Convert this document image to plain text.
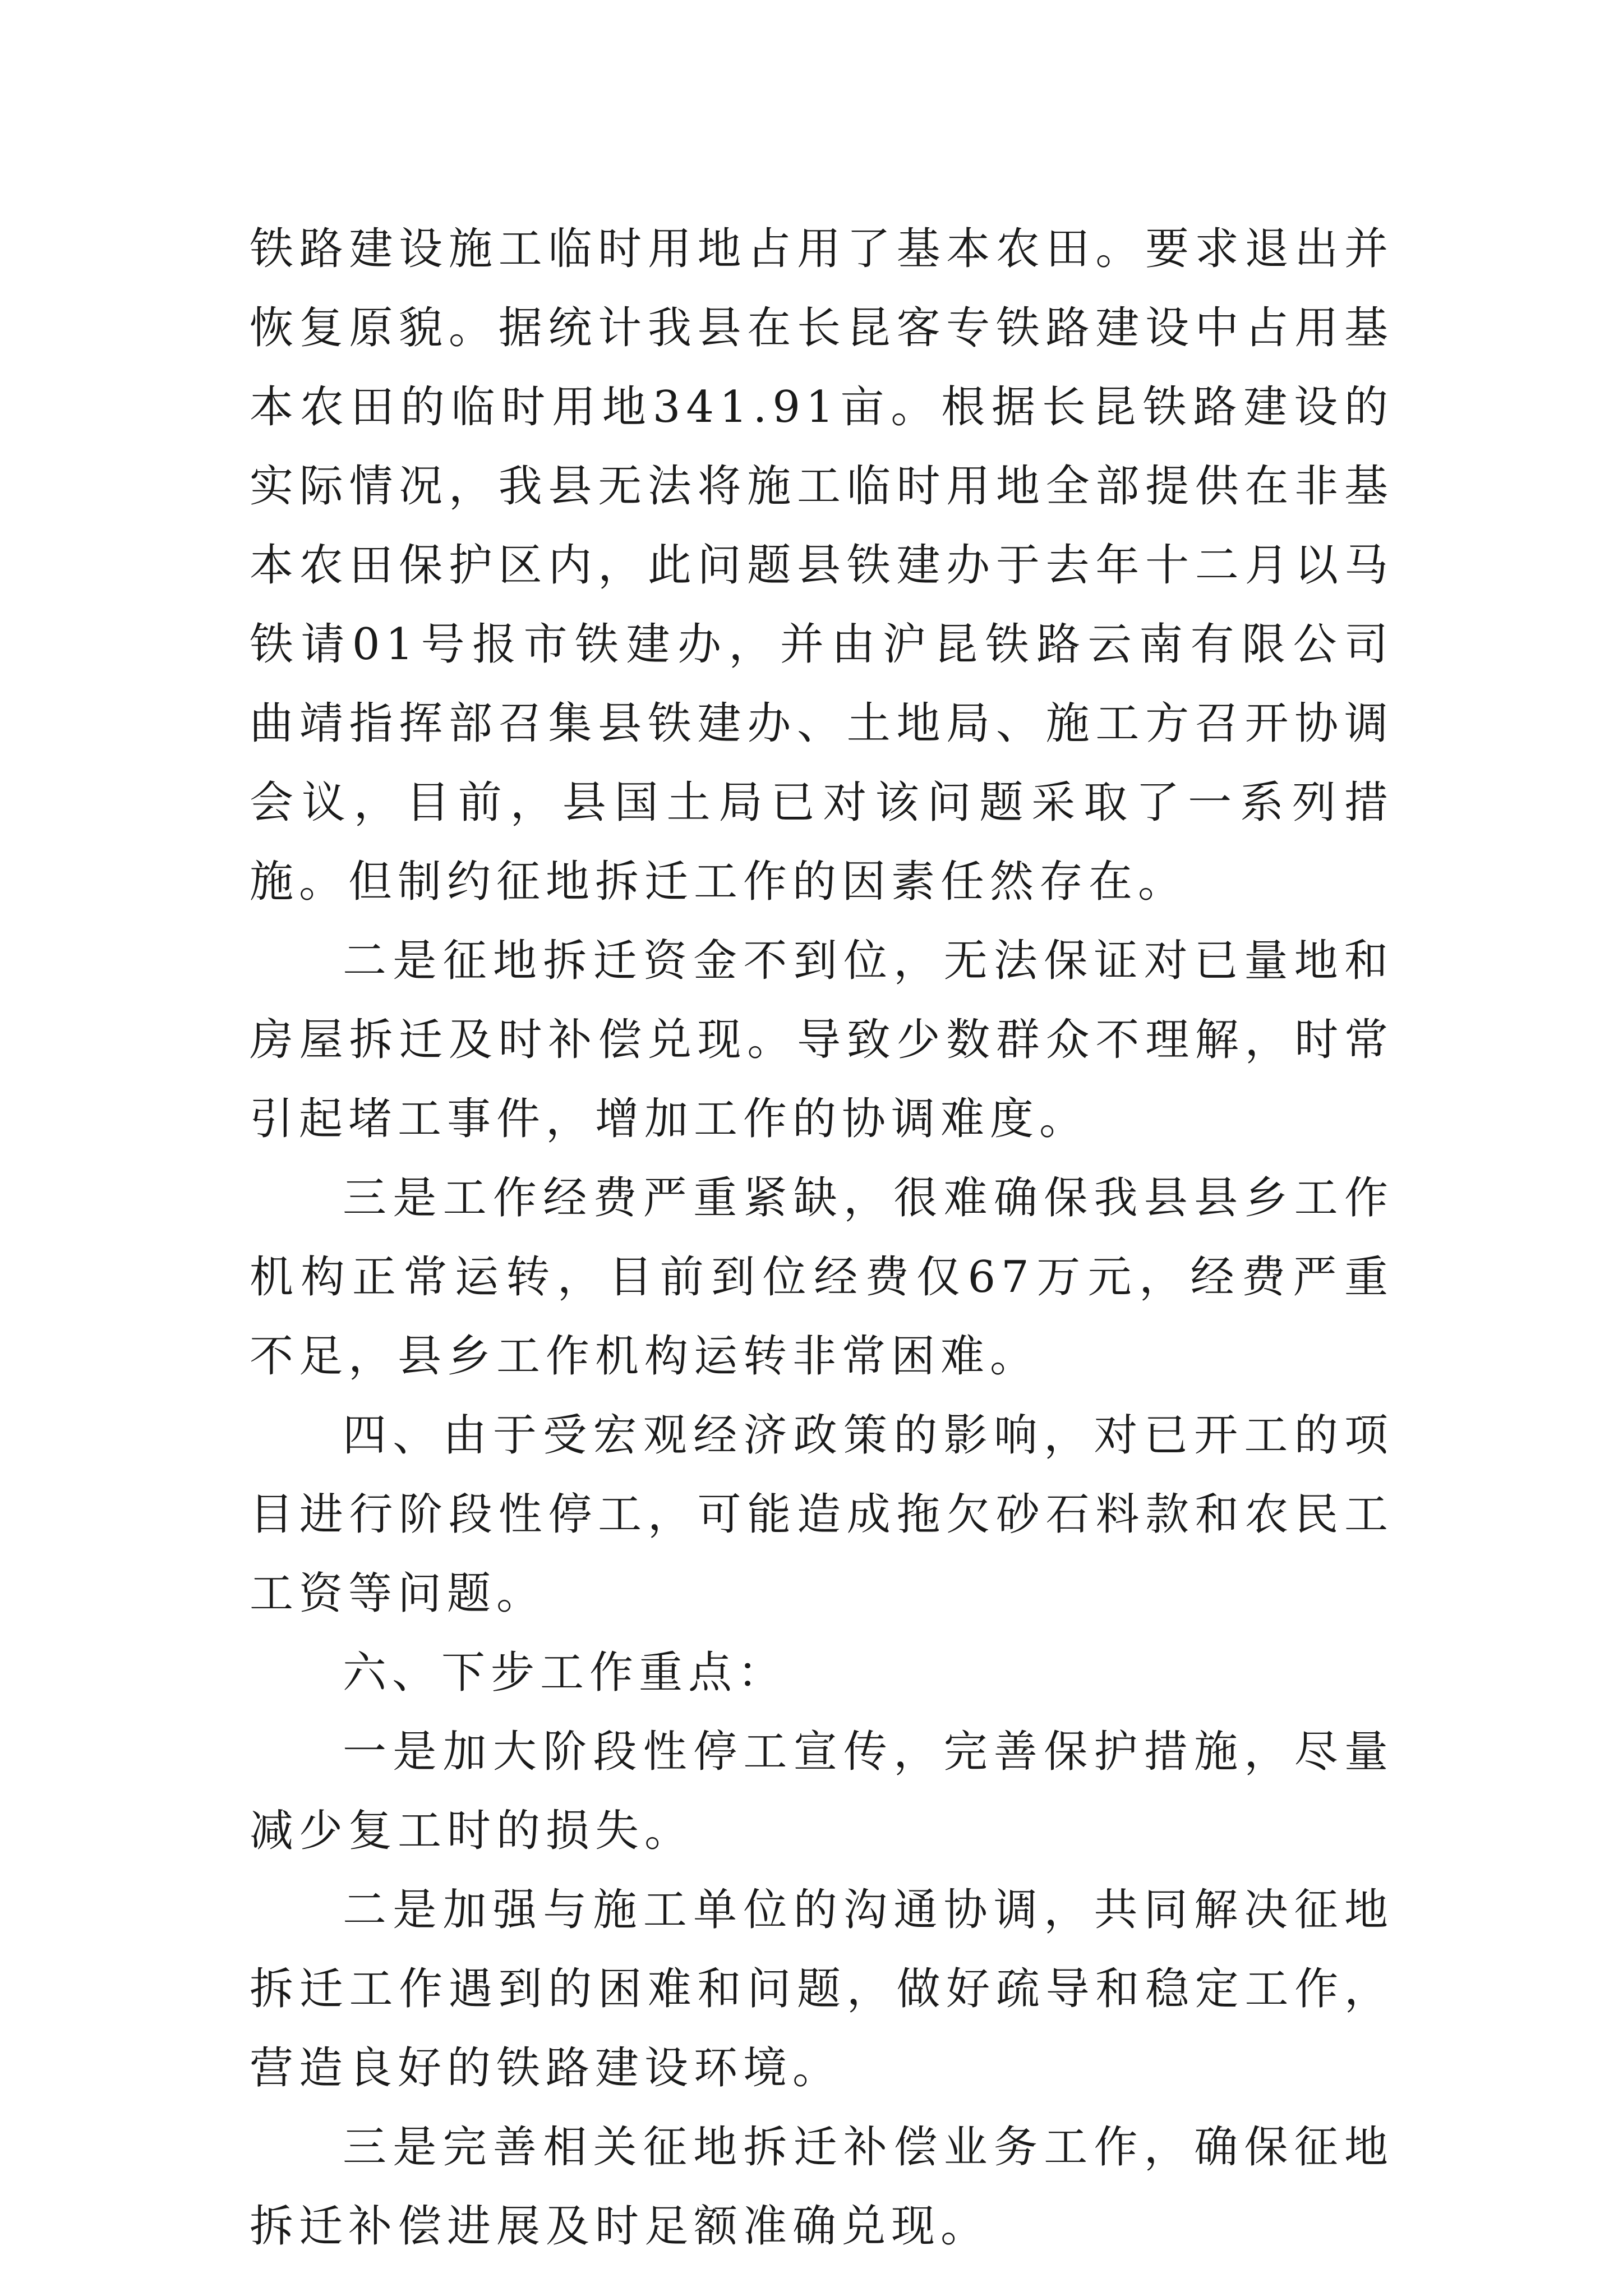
铁路建设施工临时用地占用了基本农田。要求退出并恢复原貌。据统计我县在长昆客专铁路建设中占用基本农田的临时用地341.91亩。根据长昆铁路建设的实际情况，我县无法将施工临时用地全部提供在非基本农田保护区内，此问题县铁建办于去年十二月以马铁请01号报市铁建办，并由沪昆铁路云南有限公司曲靖指挥部召集县铁建办、土地局、施工方召开协调会议，目前，县国土局已对该问题采取了一系列措施。但制约征地拆迁工作的因素任然存在。

二是征地拆迁资金不到位，无法保证对已量地和房屋拆迁及时补偿兑现。导致少数群众不理解，时常引起堵工事件，增加工作的协调难度。

三是工作经费严重紧缺，很难确保我县县乡工作机构正常运转，目前到位经费仅67万元，经费严重不足，县乡工作机构运转非常困难。

四、由于受宏观经济政策的影响，对已开工的项目进行阶段性停工，可能造成拖欠砂石料款和农民工工资等问题。

六、下步工作重点：

一是加大阶段性停工宣传，完善保护措施，尽量减少复工时的损失。

二是加强与施工单位的沟通协调，共同解决征地拆迁工作遇到的困难和问题，做好疏导和稳定工作，营造良好的铁路建设环境。

三是完善相关征地拆迁补偿业务工作，确保征地拆迁补偿进展及时足额准确兑现。
